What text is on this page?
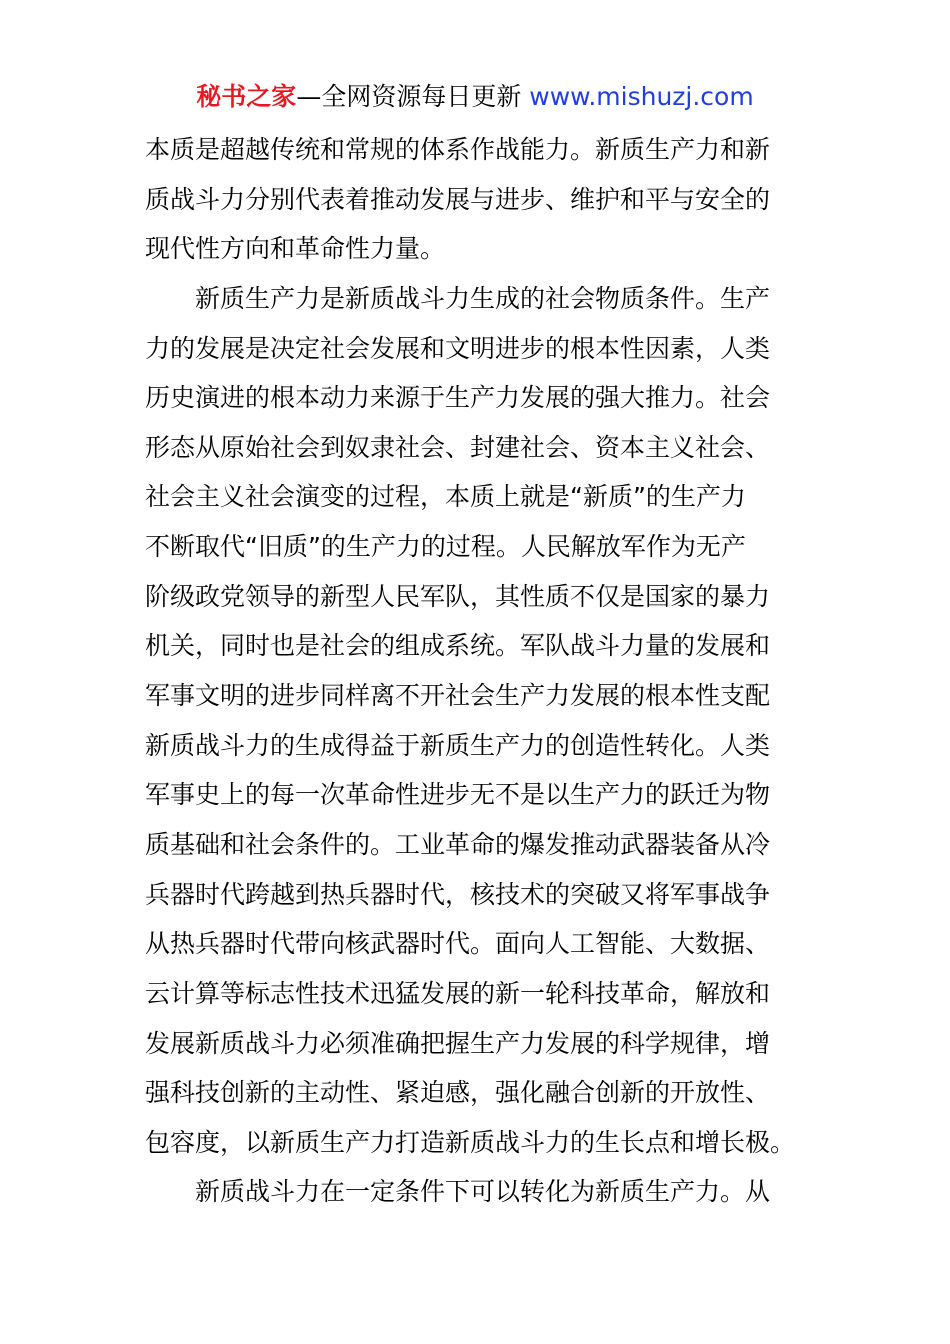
秘书之家—全网资源每日更新 www.mishuzj.com
本质是超越传统和常规的体系作战能力。新质生产力和新
质战斗力分别代表着推动发展与进步、维护和平与安全的
现代性方向和革命性力量。
新质生产力是新质战斗力生成的社会物质条件。生产
力的发展是决定社会发展和文明进步的根本性因素，人类
历史演进的根本动力来源于生产力发展的强大推力。社会
形态从原始社会到奴隶社会、封建社会、资本主义社会、
社会主义社会演变的过程，本质上就是“新质”的生产力
不断取代“旧质”的生产力的过程。人民解放军作为无产
阶级政党领导的新型人民军队，其性质不仅是国家的暴力
机关，同时也是社会的组成系统。军队战斗力量的发展和
军事文明的进步同样离不开社会生产力发展的根本性支配
新质战斗力的生成得益于新质生产力的创造性转化。人类
军事史上的每一次革命性进步无不是以生产力的跃迁为物
质基础和社会条件的。工业革命的爆发推动武器装备从冷
兵器时代跨越到热兵器时代，核技术的突破又将军事战争
从热兵器时代带向核武器时代。面向人工智能、大数据、
云计算等标志性技术迅猛发展的新一轮科技革命，解放和
发展新质战斗力必须准确把握生产力发展的科学规律，增
强科技创新的主动性、紧迫感，强化融合创新的开放性、
包容度，以新质生产力打造新质战斗力的生长点和增长极。
新质战斗力在一定条件下可以转化为新质生产力。从
